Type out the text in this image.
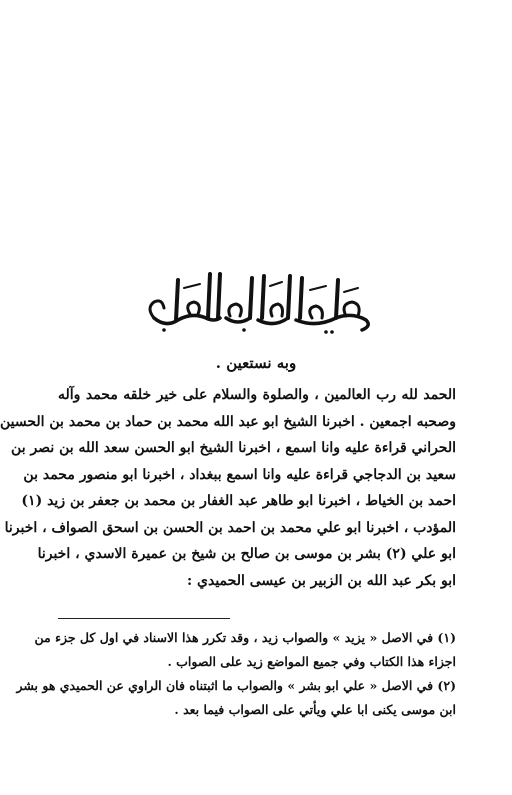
وبه نستعين .
الحمد لله رب العالمين ، والصلوة والسلام على خير خلقه محمد وآله
وصحبه اجمعين . اخبرنا الشيخ ابو عبد الله محمد بن حماد بن محمد بن الحسين
الحراني قراءة عليه وانا اسمع ، اخبرنا الشيخ ابو الحسن سعد الله بن نصر بن
سعيد بن الدجاجي قراءة عليه وانا اسمع ببغداد ، اخبرنا ابو منصور محمد بن
احمد بن الخياط ، اخبرنا ابو طاهر عبد الغفار بن محمد بن جعفر بن زيد (١)
المؤدب ، اخبرنا ابو علي محمد بن احمد بن الحسن بن اسحق الصواف ، اخبرنا
ابو علي (٢) بشر بن موسى بن صالح بن شيخ بن عميرة الاسدي ، اخبرنا
ابو بكر عبد الله بن الزبير بن عيسى الحميدي :
(١) في الاصل « يزيد » والصواب زيد ، وقد تكرر هذا الاسناد في اول كل جزء من
اجزاء هذا الكتاب وفي جميع المواضع زيد على الصواب .
(٢) في الاصل « علي ابو بشر » والصواب ما اثبتناه فان الراوي عن الحميدي هو بشر
ابن موسى يكنى ابا علي ويأتي على الصواب فيما بعد .
